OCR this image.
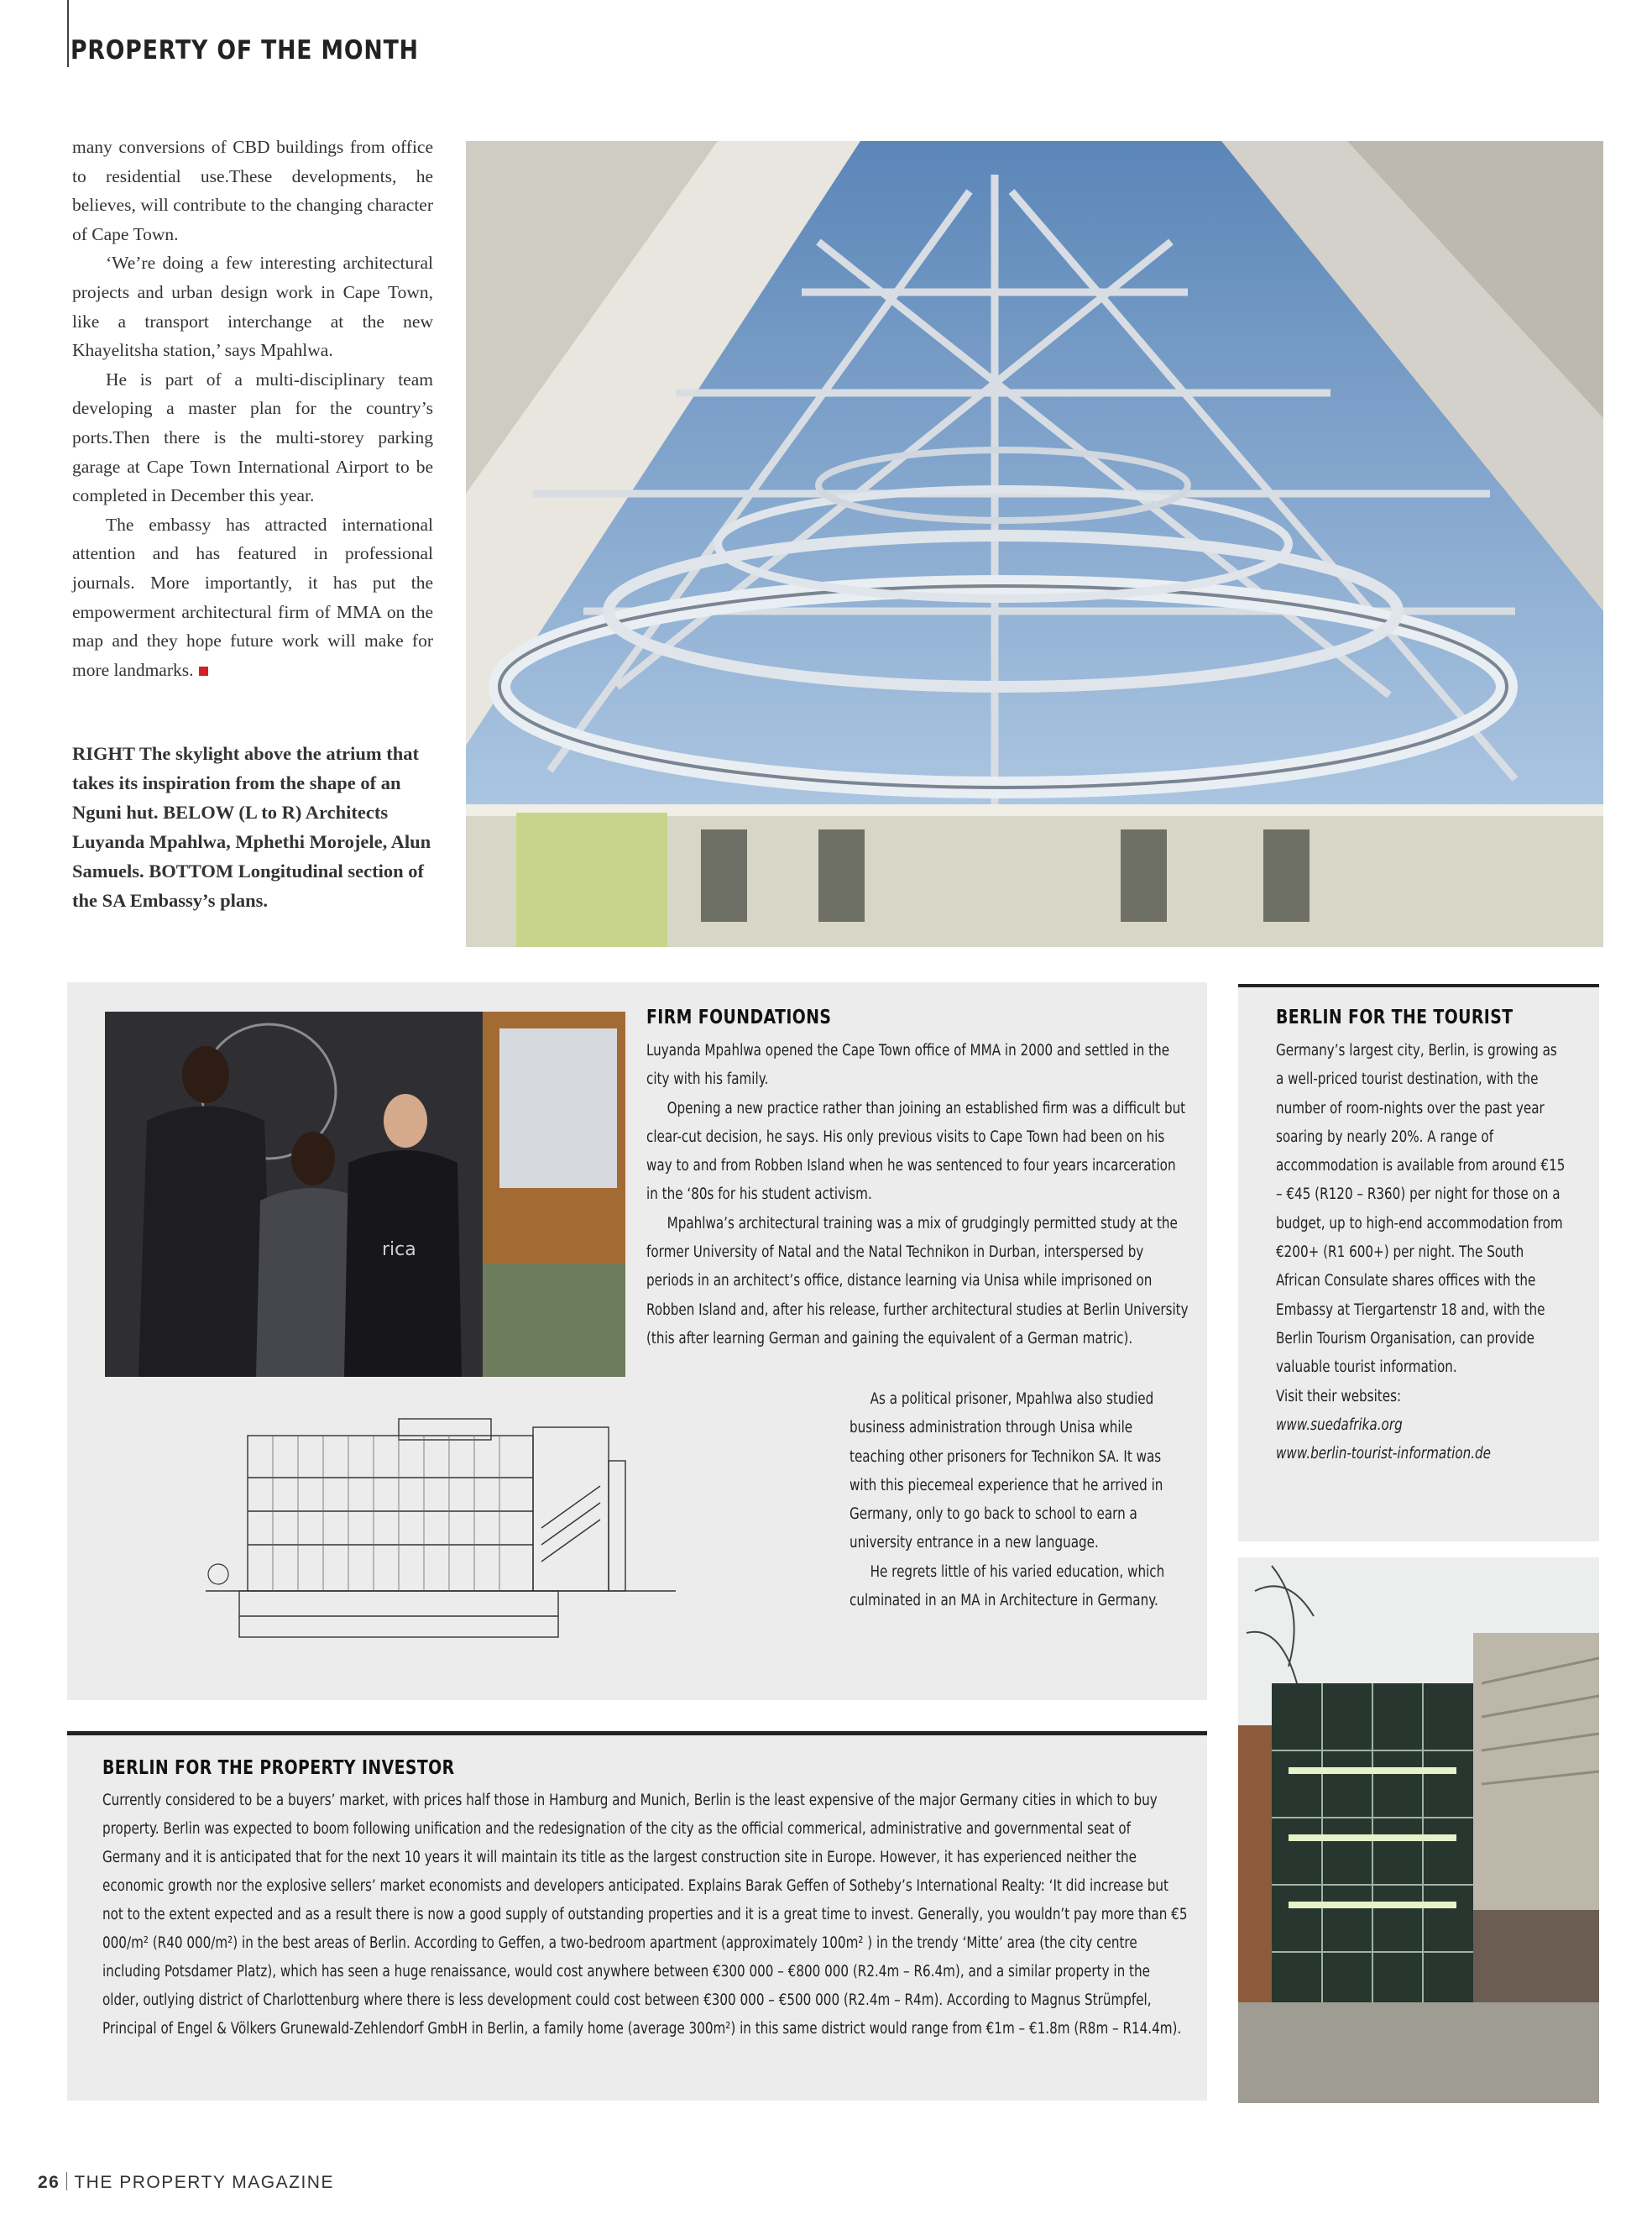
PROPERTY OF THE MONTH

many conversions of CBD buildings from office to residential use.These developments, he believes, will contribute to the changing character of Cape Town.

‘We’re doing a few interesting architectural projects and urban design work in Cape Town, like a transport interchange at the new Khayelitsha station,’ says Mpahlwa.

He is part of a multi-disciplinary team developing a master plan for the country’s ports.Then there is the multi-storey parking garage at Cape Town International Airport to be completed in December this year.

The embassy has attracted international attention and has featured in professional journals. More importantly, it has put the empowerment architectural firm of MMA on the map and they hope future work will make for more landmarks.

RIGHT The skylight above the atrium that takes its inspiration from the shape of an Nguni hut. BELOW (L to R) Architects Luyanda Mpahlwa, Mphethi Morojele, Alun Samuels. BOTTOM Longitudinal section of the SA Embassy’s plans.
rica
FIRM FOUNDATIONS

Luyanda Mpahlwa opened the Cape Town office of MMA in 2000 and settled in the city with his family.

Opening a new practice rather than joining an established firm was a difficult but clear-cut decision, he says. His only previous visits to Cape Town had been on his way to and from Robben Island when he was sentenced to four years incarceration in the ‘80s for his student activism.

Mpahlwa’s architectural training was a mix of grudgingly permitted study at the former University of Natal and the Natal Technikon in Durban, interspersed by periods in an architect’s office, distance learning via Unisa while imprisoned on Robben Island and, after his release, further architectural studies at Berlin University (this after learning German and gaining the equivalent of a German matric).

As a political prisoner, Mpahlwa also studied business administration through Unisa while teaching other prisoners for Technikon SA. It was with this piecemeal experience that he arrived in Germany, only to go back to school to earn a university entrance in a new language.

He regrets little of his varied education, which culminated in an MA in Architecture in Germany.

BERLIN FOR THE TOURIST
Germany’s largest city, Berlin, is growing as a well-priced tourist destination, with the number of room-nights over the past year soaring by nearly 20%. A range of accommodation is available from around €15 – €45 (R120 – R360) per night for those on a budget, up to high-end accommodation from €200+ (R1 600+) per night. The South African Consulate shares offices with the Embassy at Tiergartenstr 18 and, with the Berlin Tourism Organisation, can provide valuable tourist information.
Visit their websites:
www.suedafrika.org
www.berlin-tourist-information.de
BERLIN FOR THE PROPERTY INVESTOR
Currently considered to be a buyers’ market, with prices half those in Hamburg and Munich, Berlin is the least expensive of the major Germany cities in which to buy property. Berlin was expected to boom following unification and the redesignation of the city as the official commerical, administrative and governmental seat of Germany and it is anticipated that for the next 10 years it will maintain its title as the largest construction site in Europe. However, it has experienced neither the economic growth nor the explosive sellers’ market economists and developers anticipated. Explains Barak Geffen of Sotheby’s International Realty: ‘It did increase but not to the extent expected and as a result there is now a good supply of outstanding properties and it is a great time to invest. Generally, you wouldn’t pay more than €5 000/m² (R40 000/m²) in the best areas of Berlin. According to Geffen, a two-bedroom apartment (approximately 100m² ) in the trendy ‘Mitte’ area (the city centre including Potsdamer Platz), which has seen a huge renaissance, would cost anywhere between €300 000 – €800 000 (R2.4m – R6.4m), and a similar property in the older, outlying district of Charlottenburg where there is less development could cost between €300 000 – €500 000 (R2.4m – R4m). According to Magnus Strümpfel, Principal of Engel & Völkers Grunewald-Zehlendorf GmbH in Berlin, a family home (average 300m²) in this same district would range from €1m – €1.8m (R8m – R14.4m).
26 THE PROPERTY MAGAZINE
